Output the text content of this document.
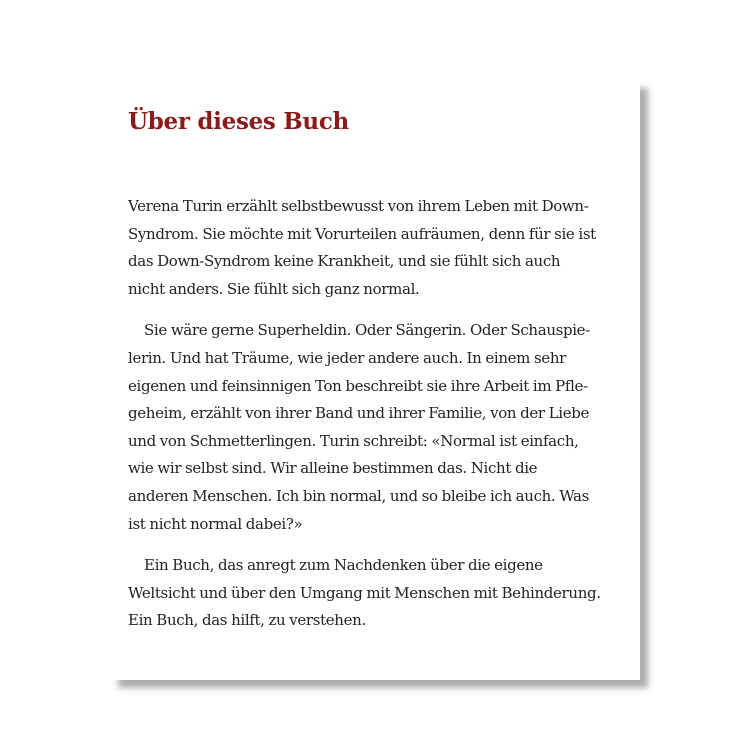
Über dieses Buch

Verena Turin erzählt selbstbewusst von ihrem Leben mit Down-
Syndrom. Sie möchte mit Vorurteilen aufräumen, denn für sie ist
das Down-Syndrom keine Krankheit, und sie fühlt sich auch
nicht anders. Sie fühlt sich ganz normal.

Sie wäre gerne Superheldin. Oder Sängerin. Oder Schauspie-
lerin. Und hat Träume, wie jeder andere auch. In einem sehr
eigenen und feinsinnigen Ton beschreibt sie ihre Arbeit im Pfle-
geheim, erzählt von ihrer Band und ihrer Familie, von der Liebe
und von Schmetterlingen. Turin schreibt: «Normal ist einfach,
wie wir selbst sind. Wir alleine bestimmen das. Nicht die
anderen Menschen. Ich bin normal, und so bleibe ich auch. Was
ist nicht normal dabei?»

Ein Buch, das anregt zum Nachdenken über die eigene
Weltsicht und über den Umgang mit Menschen mit Behinderung.
Ein Buch, das hilft, zu verstehen.
